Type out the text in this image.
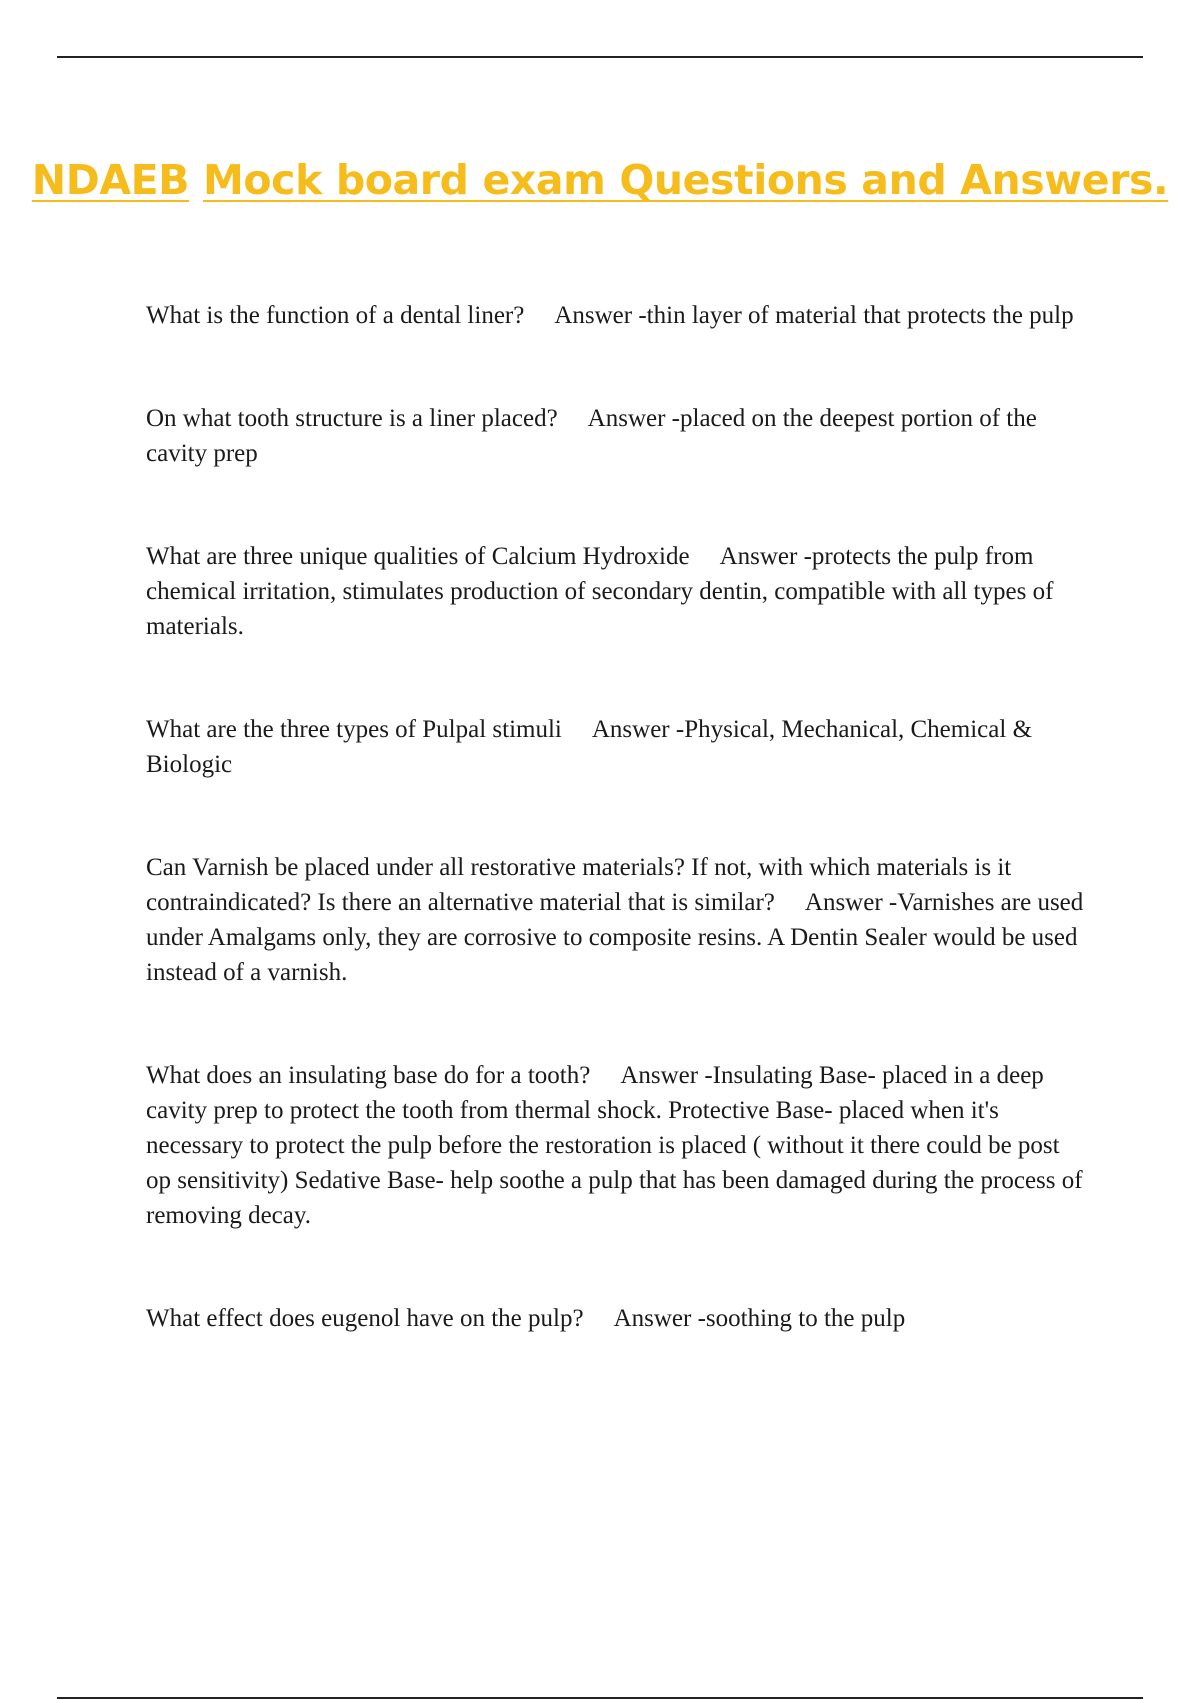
NDAEB Mock board exam Questions and Answers.

What is the function of a dental liner? Answer -thin layer of material that protects the pulp

On what tooth structure is a liner placed? Answer -placed on the deepest portion of the cavity prep

What are three unique qualities of Calcium Hydroxide Answer -protects the pulp from chemical irritation, stimulates production of secondary dentin, compatible with all types of materials.

What are the three types of Pulpal stimuli Answer -Physical, Mechanical, Chemical & Biologic

Can Varnish be placed under all restorative materials? If not, with which materials is it contraindicated? Is there an alternative material that is similar? Answer -Varnishes are used under Amalgams only, they are corrosive to composite resins. A Dentin Sealer would be used instead of a varnish.

What does an insulating base do for a tooth? Answer -Insulating Base- placed in a deep cavity prep to protect the tooth from thermal shock. Protective Base- placed when it's necessary to protect the pulp before the restoration is placed ( without it there could be post op sensitivity) Sedative Base- help soothe a pulp that has been damaged during the process of removing decay.

What effect does eugenol have on the pulp? Answer -soothing to the pulp
